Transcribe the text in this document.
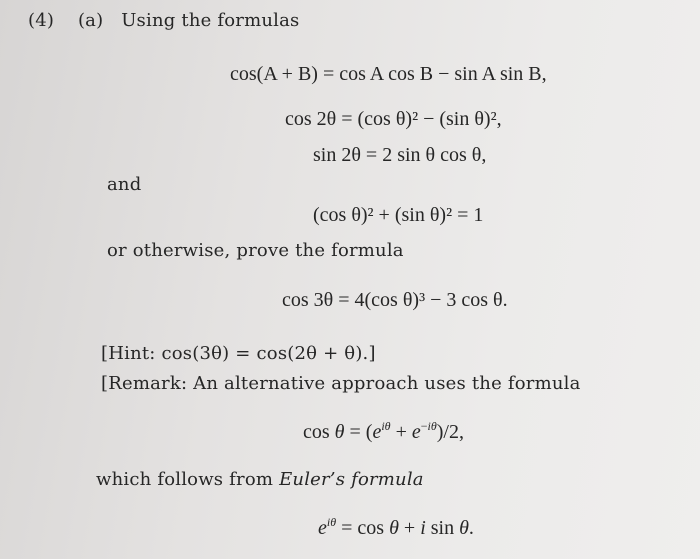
(4) (a) Using the formulas
cos(A + B) = cos A cos B − sin A sin B,
cos 2θ = (cos θ)² − (sin θ)²,
sin 2θ = 2 sin θ cos θ,
and
(cos θ)² + (sin θ)² = 1
or otherwise, prove the formula
cos 3θ = 4(cos θ)³ − 3 cos θ.
[Hint: cos(3θ) = cos(2θ + θ).]
[Remark: An alternative approach uses the formula
$\cos \theta = (e^{i\theta} + e^{-i\theta})/2$,
which follows from Euler’s formula
$e^{i\theta} = \cos \theta + i$ sin θ.
